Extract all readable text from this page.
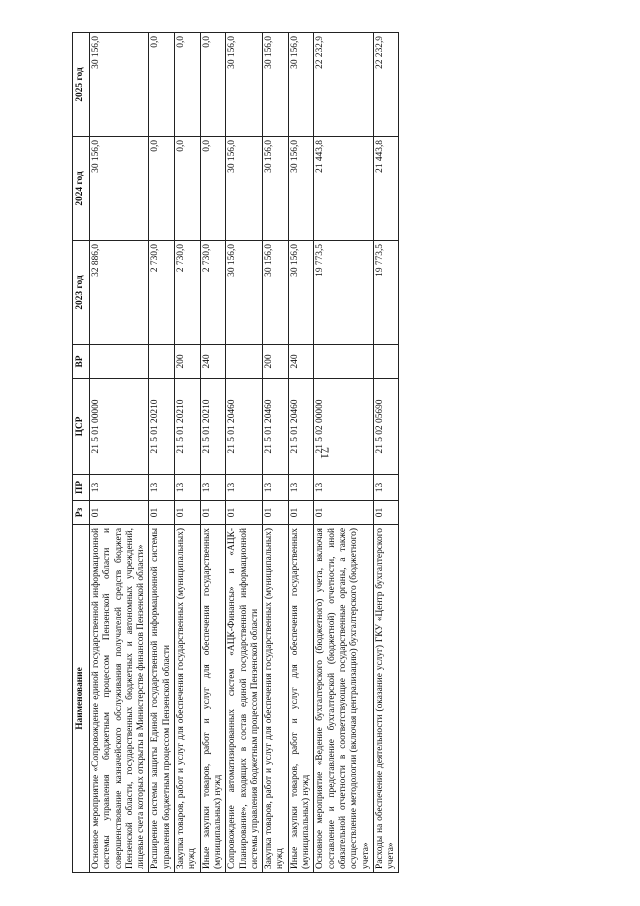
71
Наименование	Рз	ПР	ЦСР	ВР	2023 год	2024 год	2025 год
Основное мероприятие «Сопровождение единой государственной информационной системы управления бюджетным процессом Пензенской области и совершенствование казначейского обслуживания получателей средств бюджета Пензенской области, государственных бюджетных и автономных учреждений, лицевые счета которых открыты в Министерстве финансов Пензенской области»	01	13	21 5 01 00000		32 886,0	30 156,0	30 156,0
Расширение системы защиты Единой государственной информационной системы управления бюджетным процессом Пензенской области	01	13	21 5 01 20210		2 730,0	0,0	0,0
Закупка товаров, работ и услуг для обеспечения государственных (муниципальных) нужд	01	13	21 5 01 20210	200	2 730,0	0,0	0,0
Иные закупки товаров, работ и услуг для обеспечения государственных (муниципальных) нужд	01	13	21 5 01 20210	240	2 730,0	0,0	0,0
Сопровождение автоматизированных систем «АЦК-Финансы» и «АЦК-Планирование», входящих в состав единой государственной информационной системы управления бюджетным процессом Пензенской области	01	13	21 5 01 20460		30 156,0	30 156,0	30 156,0
Закупка товаров, работ и услуг для обеспечения государственных (муниципальных) нужд	01	13	21 5 01 20460	200	30 156,0	30 156,0	30 156,0
Иные закупки товаров, работ и услуг для обеспечения государственных (муниципальных) нужд	01	13	21 5 01 20460	240	30 156,0	30 156,0	30 156,0
Основное мероприятие «Ведение бухгалтерского (бюджетного) учета, включая составление и представление бухгалтерской (бюджетной) отчетности, иной обязательной отчетности в соответствующие государственные органы, а также осуществление методологии (включая централизацию) бухгалтерского (бюджетного) учета»	01	13	21 5 02 00000		19 773,5	21 443,8	22 232,9
Расходы на обеспечение деятельности (оказание услуг) ГКУ «Центр бухгалтерского учета»	01	13	21 5 02 05690		19 773,5	21 443,8	22 232,9
